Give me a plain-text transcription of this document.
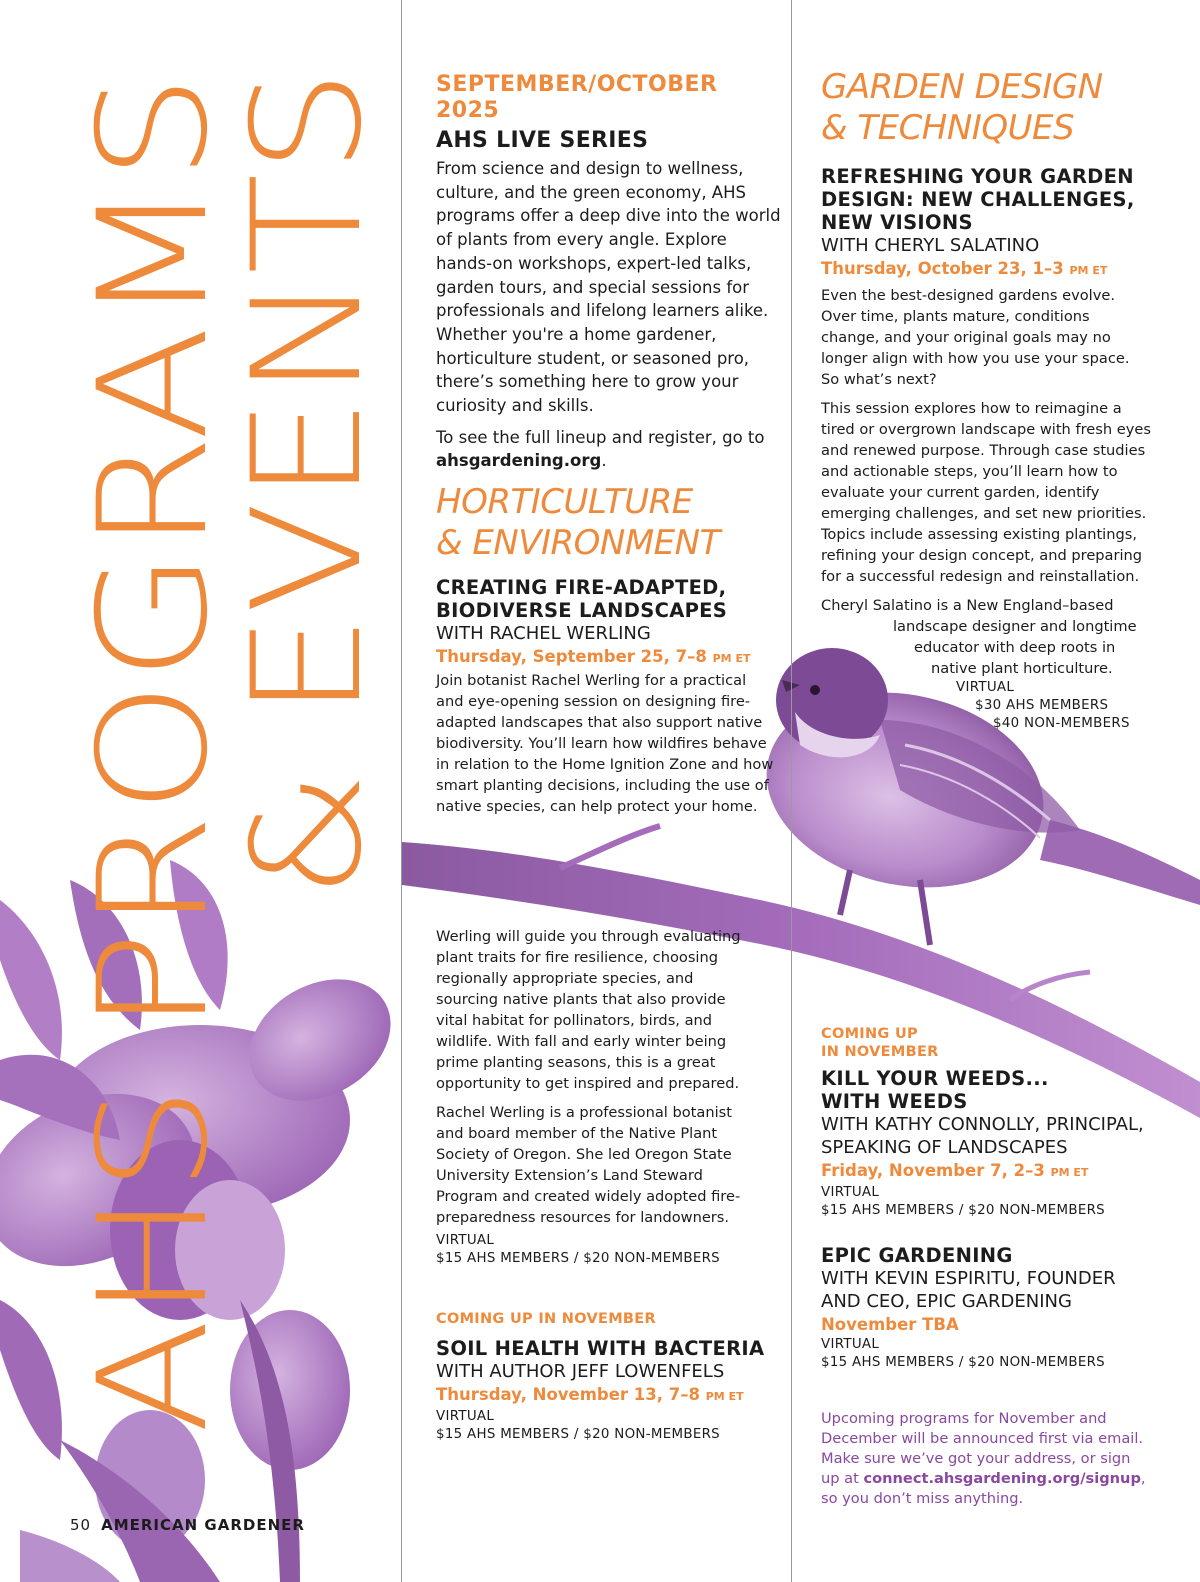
AHS PROGRAMS
& EVENTS
50 AMERICAN GARDENER
SEPTEMBER/OCTOBER 2025
AHS LIVE SERIES

From science and design to wellness, culture, and the green economy, AHS programs offer a deep dive into the world of plants from every angle. Explore hands-on workshops, expert-led talks, garden tours, and special sessions for professionals and lifelong learners alike. Whether you're a home gardener, horticulture student, or seasoned pro, there’s something here to grow your curiosity and skills.

To see the full lineup and register, go to ahsgardening.org.

HORTICULTURE
& ENVIRONMENT
CREATING FIRE-ADAPTED,
BIODIVERSE LANDSCAPES
WITH RACHEL WERLING
Thursday, September 25, 7–8 PM ET

Join botanist Rachel Werling for a practical and eye-opening session on designing fire-adapted landscapes that also support native biodiversity. You’ll learn how wildfires behave in relation to the Home Ignition Zone and how smart planting decisions, including the use of native species, can help protect your home.

Werling will guide you through evaluating plant traits for fire resilience, choosing regionally appropriate species, and sourcing native plants that also provide vital habitat for pollinators, birds, and wildlife. With fall and early winter being prime planting seasons, this is a great opportunity to get inspired and prepared.

Rachel Werling is a professional botanist and board member of the Native Plant Society of Oregon. She led Oregon State University Extension’s Land Steward Program and created widely adopted fire-preparedness resources for landowners.

VIRTUAL
$15 AHS MEMBERS / $20 NON-MEMBERS
COMING UP IN NOVEMBER
SOIL HEALTH WITH BACTERIA
WITH AUTHOR JEFF LOWENFELS
Thursday, November 13, 7–8 PM ET
VIRTUAL
$15 AHS MEMBERS / $20 NON-MEMBERS
GARDEN DESIGN
& TECHNIQUES
REFRESHING YOUR GARDEN
DESIGN: NEW CHALLENGES,
NEW VISIONS
WITH CHERYL SALATINO
Thursday, October 23, 1–3 PM ET

Even the best-designed gardens evolve. Over time, plants mature, conditions change, and your original goals may no longer align with how you use your space. So what’s next?

This session explores how to reimagine a tired or overgrown landscape with fresh eyes and renewed purpose. Through case studies and actionable steps, you’ll learn how to evaluate your current garden, identify emerging challenges, and set new priorities. Topics include assessing existing plantings, refining your design concept, and preparing for a successful redesign and reinstallation.

Cheryl Salatino is a New England–based
landscape designer and longtime
educator with deep roots in
native plant horticulture.
VIRTUAL
$30 AHS MEMBERS
$40 NON-MEMBERS
COMING UP
IN NOVEMBER
KILL YOUR WEEDS...
WITH WEEDS
WITH KATHY CONNOLLY, PRINCIPAL,
SPEAKING OF LANDSCAPES
Friday, November 7, 2–3 PM ET
VIRTUAL
$15 AHS MEMBERS / $20 NON-MEMBERS
EPIC GARDENING
WITH KEVIN ESPIRITU, FOUNDER
AND CEO, EPIC GARDENING
November TBA
VIRTUAL
$15 AHS MEMBERS / $20 NON-MEMBERS

Upcoming programs for November and December will be announced first via email. Make sure we’ve got your address, or sign up at connect.ahsgardening.org/signup, so you don’t miss anything.
